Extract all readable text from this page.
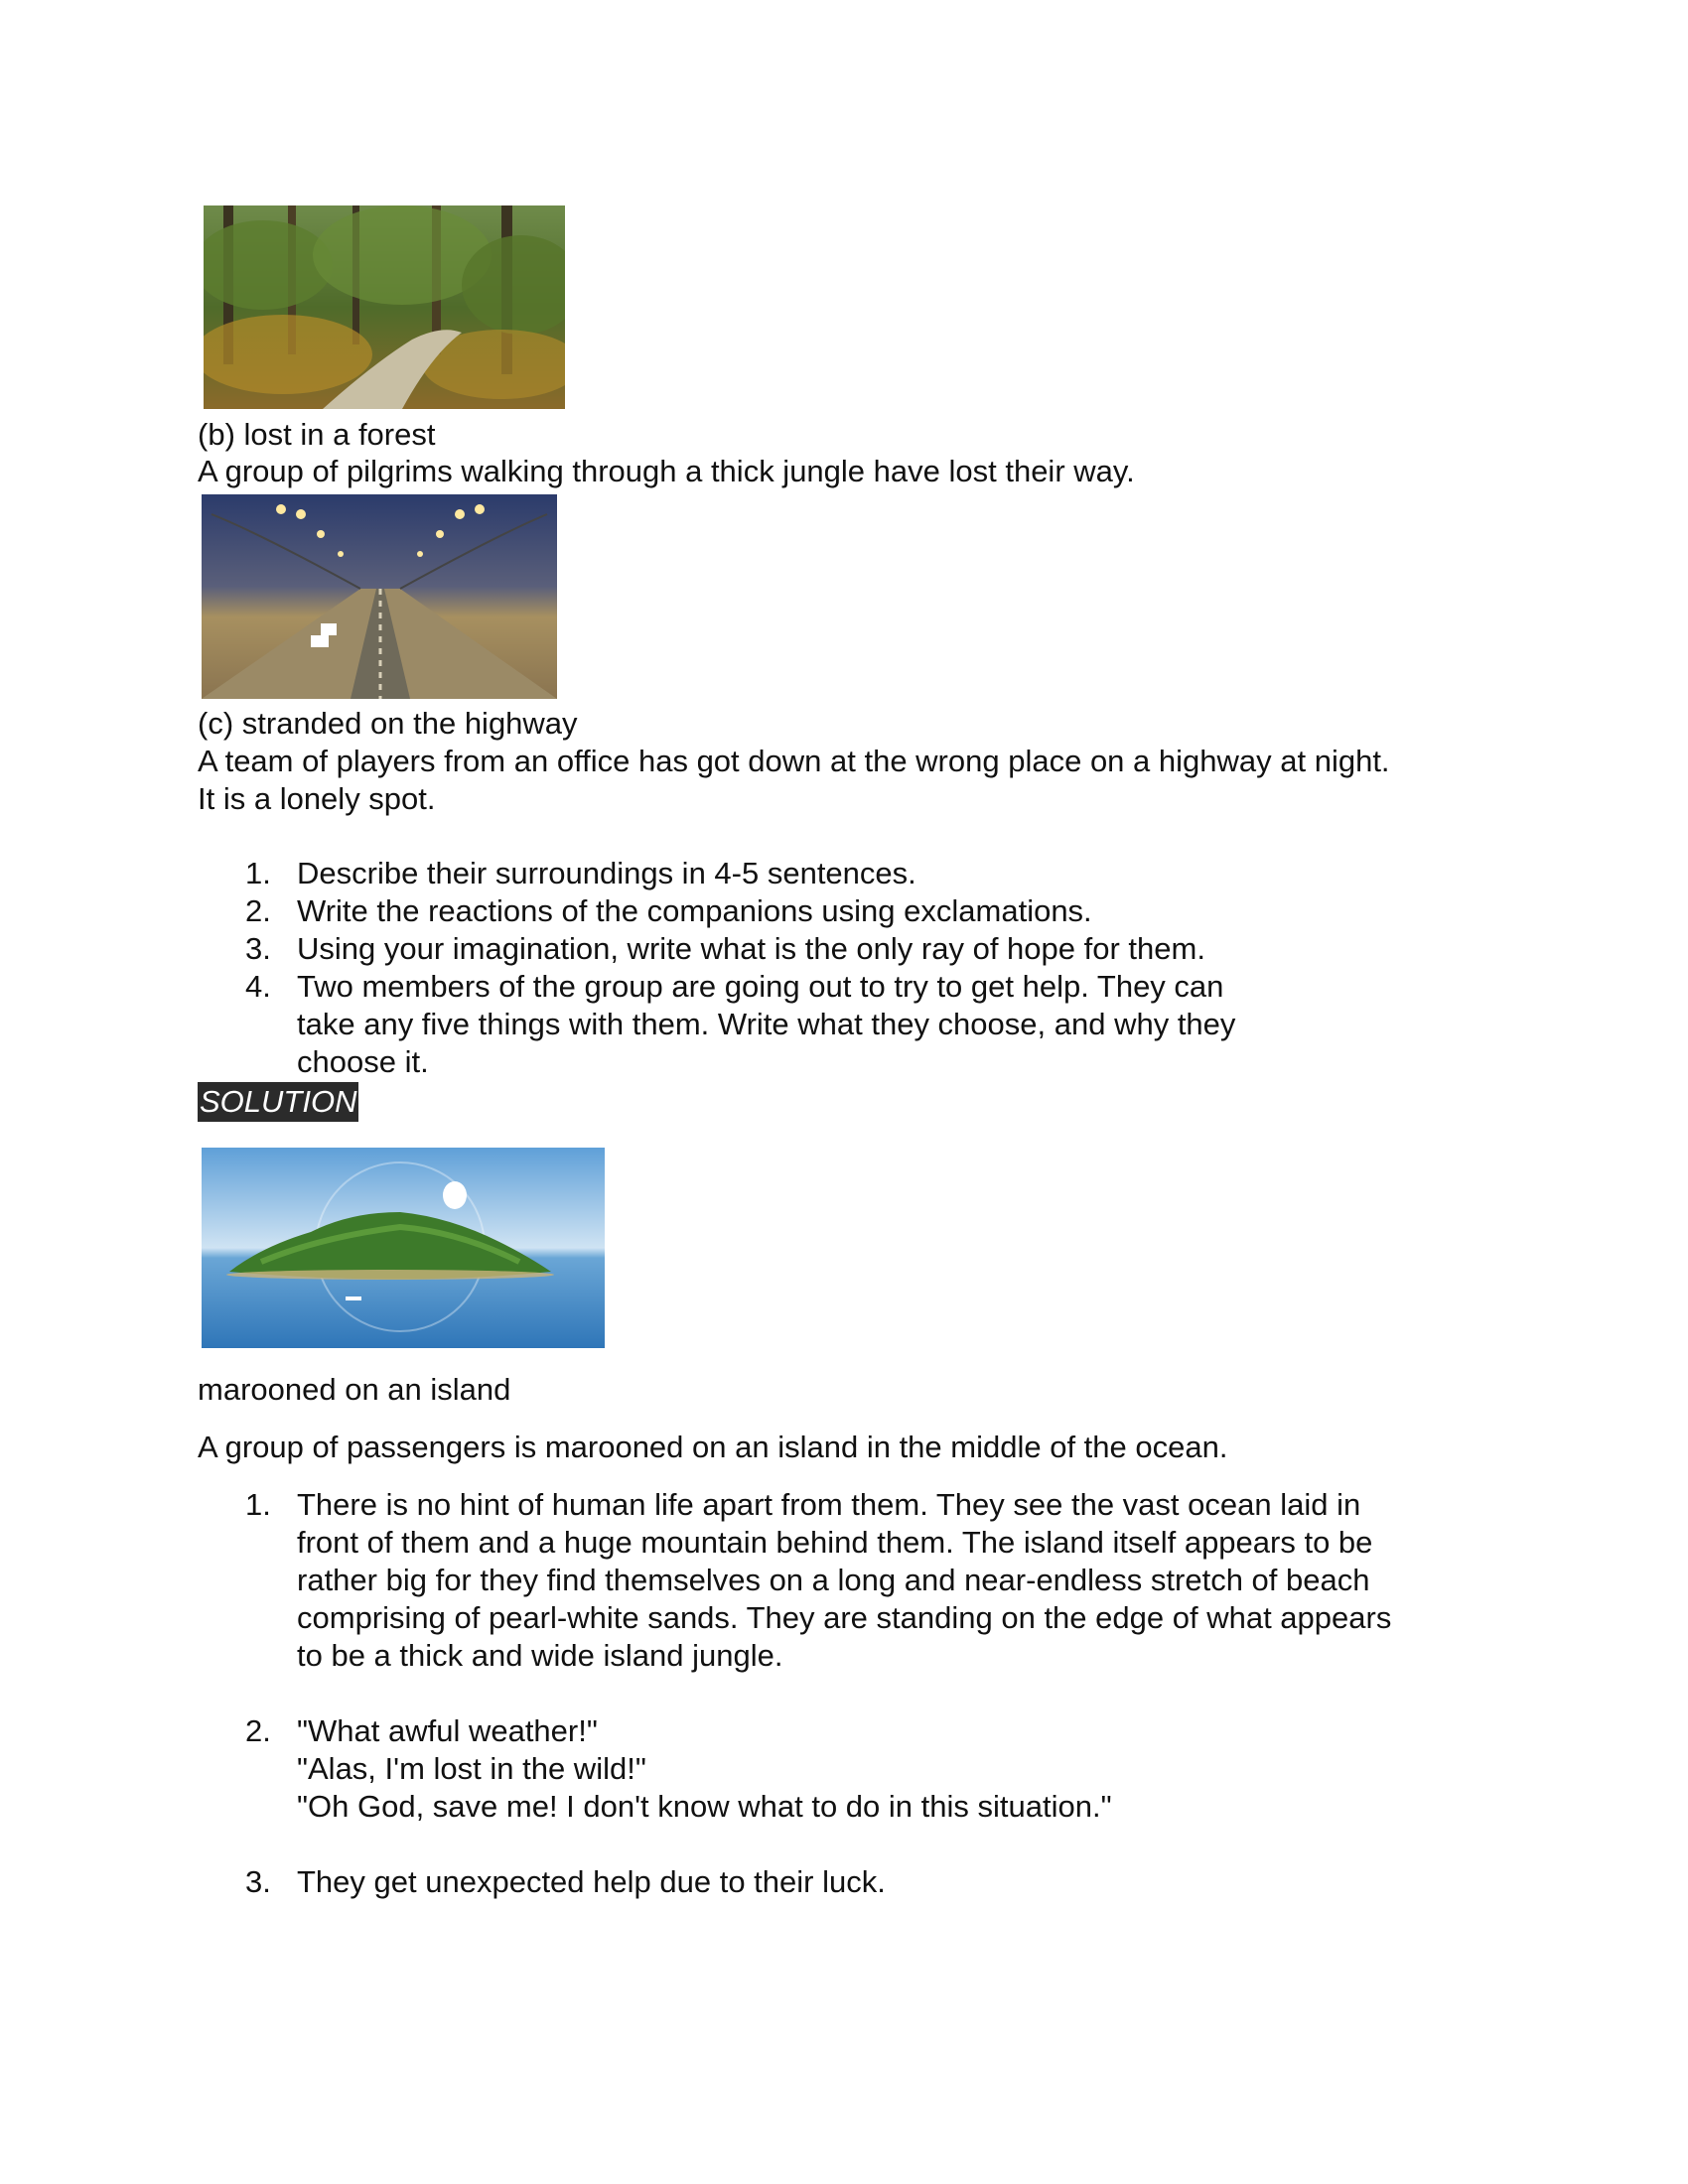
(b) lost in a forest
A group of pilgrims walking through a thick jungle have lost their way.
(c) stranded on the highway
A team of players from an office has got down at the wrong place on a highway at night.
It is a lonely spot.
1. Describe their surroundings in 4-5 sentences.
2. Write the reactions of the companions using exclamations.
3. Using your imagination, write what is the only ray of hope for them.
4. Two members of the group are going out to try to get help. They can take any five things with them. Write what they choose, and why they choose it.
SOLUTION
marooned on an island
A group of passengers is marooned on an island in the middle of the ocean.
1. There is no hint of human life apart from them. They see the vast ocean laid in
front of them and a huge mountain behind them. The island itself appears to be
rather big for they find themselves on a long and near-endless stretch of beach
comprising of pearl-white sands. They are standing on the edge of what appears
to be a thick and wide island jungle.
2. "What awful weather!"
"Alas, I'm lost in the wild!"
"Oh God, save me! I don't know what to do in this situation."
3. They get unexpected help due to their luck.
